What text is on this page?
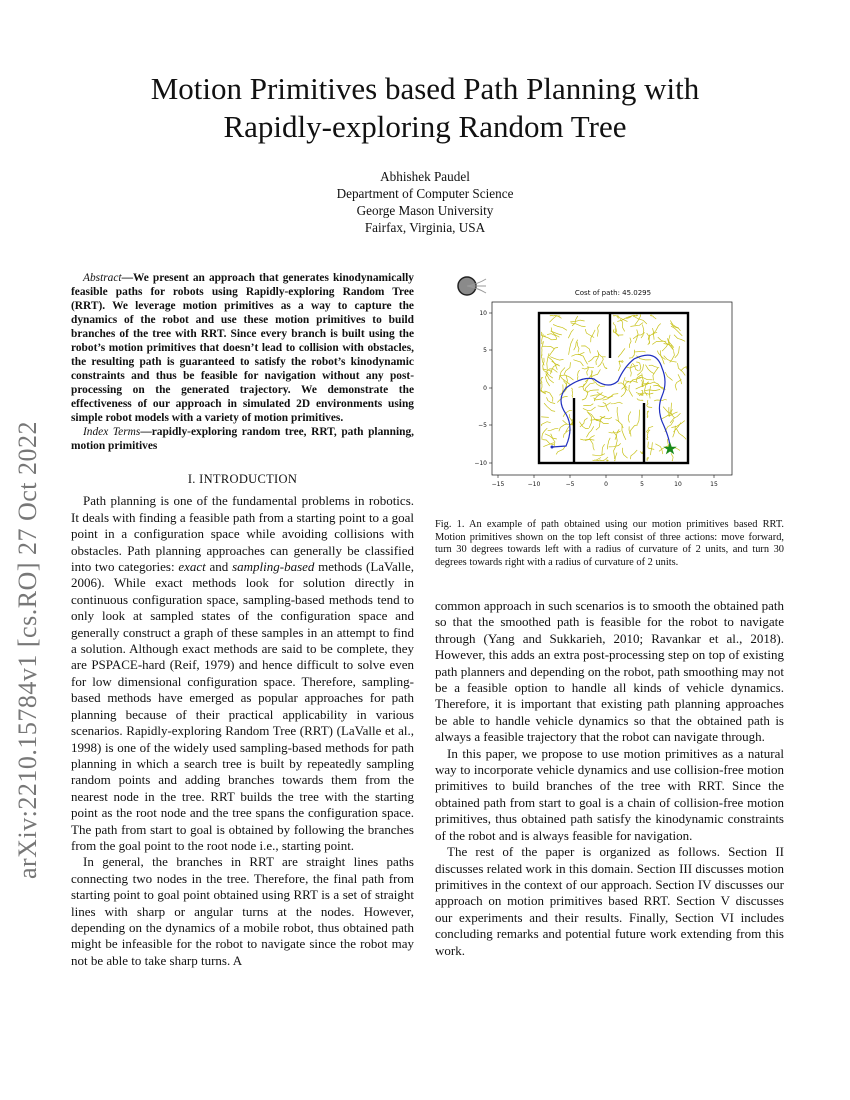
arXiv:2210.15784v1 [cs.RO] 27 Oct 2022
Motion Primitives based Path Planning with
Rapidly-exploring Random Tree
Abhishek Paudel
Department of Computer Science
George Mason University
Fairfax, Virginia, USA

Abstract—We present an approach that generates kinodynamically feasible paths for robots using Rapidly-exploring Random Tree (RRT). We leverage motion primitives as a way to capture the dynamics of the robot and use these motion primitives to build branches of the tree with RRT. Since every branch is built using the robot’s motion primitives that doesn’t lead to collision with obstacles, the resulting path is guaranteed to satisfy the robot’s kinodynamic constraints and thus be feasible for navigation without any post-processing on the generated trajectory. We demonstrate the effectiveness of our approach in simulated 2D environments using simple robot models with a variety of motion primitives.

Index Terms—rapidly-exploring random tree, RRT, path planning, motion primitives

I. INTRODUCTION

Path planning is one of the fundamental problems in robotics. It deals with finding a feasible path from a starting point to a goal point in a configuration space while avoiding collisions with obstacles. Path planning approaches can generally be classified into two categories: exact and sampling-based methods (LaValle, 2006). While exact methods look for solution directly in continuous configuration space, sampling-based methods tend to only look at sampled states of the configuration space and generally construct a graph of these samples in an attempt to find a solution. Although exact methods are said to be complete, they are PSPACE-hard (Reif, 1979) and hence difficult to solve even for low dimensional configuration space. Therefore, sampling-based methods have emerged as popular approaches for path planning because of their practical applicability in various scenarios. Rapidly-exploring Random Tree (RRT) (LaValle et al., 1998) is one of the widely used sampling-based methods for path planning in which a search tree is built by repeatedly sampling random points and adding branches towards them from the nearest node in the tree. RRT builds the tree with the starting point as the root node and the tree spans the configuration space. The path from start to goal is obtained by following the branches from the goal point to the root node i.e., starting point.

In general, the branches in RRT are straight lines paths connecting two nodes in the tree. Therefore, the final path from starting point to goal point obtained using RRT is a set of straight lines with sharp or angular turns at the nodes. However, depending on the dynamics of a mobile robot, thus obtained path might be infeasible for the robot to navigate since the robot may not be able to take sharp turns. A

Cost of path: 45.0295
−15	−10	−5	0	5	10	15
10
5
0
−5
−10
Fig. 1. An example of path obtained using our motion primitives based RRT. Motion primitives shown on the top left consist of three actions: move forward, turn 30 degrees towards left with a radius of curvature of 2 units, and turn 30 degrees towards right with a radius of curvature of 2 units.

common approach in such scenarios is to smooth the obtained path so that the smoothed path is feasible for the robot to navigate through (Yang and Sukkarieh, 2010; Ravankar et al., 2018). However, this adds an extra post-processing step on top of existing path planners and depending on the robot, path smoothing may not be a feasible option to handle all kinds of vehicle dynamics. Therefore, it is important that existing path planning approaches be able to handle vehicle dynamics so that the obtained path is always a feasible trajectory that the robot can navigate through.

In this paper, we propose to use motion primitives as a natural way to incorporate vehicle dynamics and use collision-free motion primitives to build branches of the tree with RRT. Since the obtained path from start to goal is a chain of collision-free motion primitives, thus obtained path satisfy the kinodynamic constraints of the robot and is always feasible for navigation.

The rest of the paper is organized as follows. Section II discusses related work in this domain. Section III discusses motion primitives in the context of our approach. Section IV discusses our approach on motion primitives based RRT. Section V discusses our experiments and their results. Finally, Section VI includes concluding remarks and potential future work extending from this work.
